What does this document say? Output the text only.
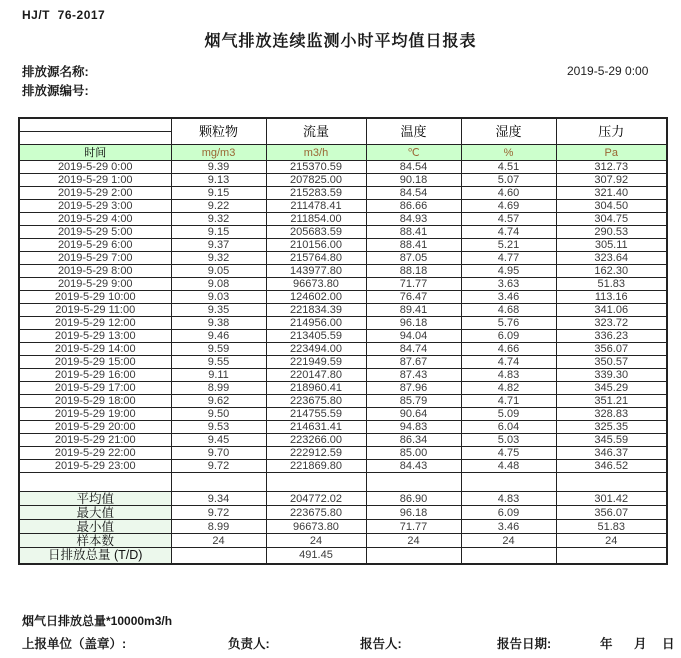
HJ/T  76-2017
烟气排放连续监测小时平均值日报表
排放源名称:	2019-5-29 0:00
排放源编号:
	颗粒物	流量	温度	湿度	压力
时间	mg/m3	m3/h	℃	%	Pa
2019-5-29 0:00	9.39	215370.59	84.54	4.51	312.73
2019-5-29 1:00	9.13	207825.00	90.18	5.07	307.92
2019-5-29 2:00	9.15	215283.59	84.54	4.60	321.40
2019-5-29 3:00	9.22	211478.41	86.66	4.69	304.50
2019-5-29 4:00	9.32	211854.00	84.93	4.57	304.75
2019-5-29 5:00	9.15	205683.59	88.41	4.74	290.53
2019-5-29 6:00	9.37	210156.00	88.41	5.21	305.11
2019-5-29 7:00	9.32	215764.80	87.05	4.77	323.64
2019-5-29 8:00	9.05	143977.80	88.18	4.95	162.30
2019-5-29 9:00	9.08	96673.80	71.77	3.63	51.83
2019-5-29 10:00	9.03	124602.00	76.47	3.46	113.16
2019-5-29 11:00	9.35	221834.39	89.41	4.68	341.06
2019-5-29 12:00	9.38	214956.00	96.18	5.76	323.72
2019-5-29 13:00	9.46	213405.59	94.04	6.09	336.23
2019-5-29 14:00	9.59	223494.00	84.74	4.66	356.07
2019-5-29 15:00	9.55	221949.59	87.67	4.74	350.57
2019-5-29 16:00	9.11	220147.80	87.43	4.83	339.30
2019-5-29 17:00	8.99	218960.41	87.96	4.82	345.29
2019-5-29 18:00	9.62	223675.80	85.79	4.71	351.21
2019-5-29 19:00	9.50	214755.59	90.64	5.09	328.83
2019-5-29 20:00	9.53	214631.41	94.83	6.04	325.35
2019-5-29 21:00	9.45	223266.00	86.34	5.03	345.59
2019-5-29 22:00	9.70	222912.59	85.00	4.75	346.37
2019-5-29 23:00	9.72	221869.80	84.43	4.48	346.52

平均值	9.34	204772.02	86.90	4.83	301.42
最大值	9.72	223675.80	96.18	6.09	356.07
最小值	8.99	96673.80	71.77	3.46	51.83
样本数	24	24	24	24	24
日排放总量 (T/D)		491.45			
烟气日排放总量*10000m3/h
上报单位（盖章）:	负责人:	报告人:	报告日期:	年 月 日
